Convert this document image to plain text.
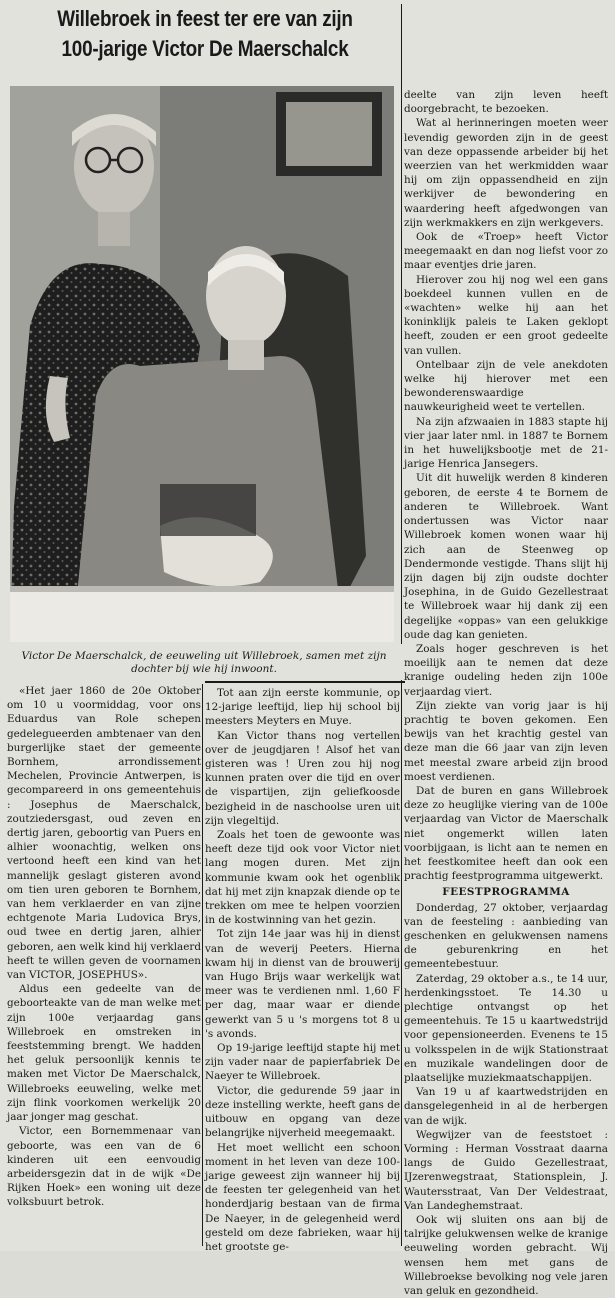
Willebroek in feest ter ere van zijn
100-jarige Victor De Maerschalck

Victor De Maerschalck, de eeuweling uit Willebroek, samen met zijn dochter bij wie hij inwoont.

«Het jaer 1860 de 20e Oktober om 10 u voormiddag, voor ons Eduardus van Role schepen gedelegueerden ambtenaer van den burgerlijke staet der gemeente Bornhem, arrondissement Mechelen, Provincie Antwerpen, is gecompareerd in ons gemeentehuis : Josephus de Maerschalck, zoutziedersgast, oud zeven en dertig jaren, geboortig van Puers en alhier woonachtig, welken ons vertoond heeft een kind van het mannelijk geslagt gisteren avond om tien uren geboren te Bornhem, van hem verklaerder en van zijne echtgenote Maria Ludovica Brys, oud twee en dertig jaren, alhier geboren, aen welk kind hij verklaerd heeft te willen geven de voornamen van VICTOR, JOSEPHUS».

Aldus een gedeelte van de geboorteakte van de man welke met zijn 100e verjaardag gans Willebroek en omstreken in feeststemming brengt. We hadden het geluk persoonlijk kennis te maken met Victor De Maerschalck, Willebroeks eeuweling, welke met zijn flink voorkomen werkelijk 20 jaar jonger mag geschat.

Victor, een Bornemmenaar van geboorte, was een van de 6 kinderen uit een eenvoudig arbeidersgezin dat in de wijk «De Rijken Hoek» een woning uit deze volksbuurt betrok.

Tot aan zijn eerste kommunie, op 12-jarige leeftijd, liep hij school bij meesters Meyters en Muye.

Kan Victor thans nog vertellen over de jeugdjaren ! Alsof het van gisteren was ! Uren zou hij nog kunnen praten over die tijd en over de vispartijen, zijn geliefkoosde bezigheid in de naschoolse uren uit zijn vlegeltijd.

Zoals het toen de gewoonte was heeft deze tijd ook voor Victor niet lang mogen duren. Met zijn kommunie kwam ook het ogenblik dat hij met zijn knapzak diende op te trekken om mee te helpen voorzien in de kostwinning van het gezin.

Tot zijn 14e jaar was hij in dienst van de weverij Peeters. Hierna kwam hij in dienst van de brouwerij van Hugo Brijs waar werkelijk wat meer was te verdienen nml. 1,60 F per dag, maar waar er diende gewerkt van 5 u 's morgens tot 8 u 's avonds.

Op 19-jarige leeftijd stapte hij met zijn vader naar de papierfabriek De Naeyer te Willebroek.

Victor, die gedurende 59 jaar in deze instelling werkte, heeft gans de uitbouw en opgang van deze belangrijke nijverheid meegemaakt.

Het moet wellicht een schoon moment in het leven van deze 100-jarige geweest zijn wanneer hij bij de feesten ter gelegenheid van het honderdjarig bestaan van de firma De Naeyer, in de gelegenheid werd gesteld om deze fabrieken, waar hij het grootste ge-

deelte van zijn leven heeft doorgebracht, te bezoeken.

Wat al herinneringen moeten weer levendig geworden zijn in de geest van deze oppassende arbeider bij het weerzien van het werkmidden waar hij om zijn oppassendheid en zijn werkijver de bewondering en waardering heeft afgedwongen van zijn werkmakkers en zijn werkgevers.

Ook de «Troep» heeft Victor meegemaakt en dan nog liefst voor zo maar eventjes drie jaren.

Hierover zou hij nog wel een gans boekdeel kunnen vullen en de «wachten» welke hij aan het koninklijk paleis te Laken geklopt heeft, zouden er een groot gedeelte van vullen.

Ontelbaar zijn de vele anekdoten welke hij hierover met een bewonderenswaardige nauwkeurigheid weet te vertellen.

Na zijn afzwaaien in 1883 stapte hij vier jaar later nml. in 1887 te Bornem in het huwelijksbootje met de 21-jarige Henrica Jansegers.

Uit dit huwelijk werden 8 kinderen geboren, de eerste 4 te Bornem de anderen te Willebroek. Want ondertussen was Victor naar Willebroek komen wonen waar hij zich aan de Steenweg op Dendermonde vestigde. Thans slijt hij zijn dagen bij zijn oudste dochter Josephina, in de Guido Gezellestraat te Willebroek waar hij dank zij een degelijke «oppas» van een gelukkige oude dag kan genieten.

Zoals hoger geschreven is het moeilijk aan te nemen dat deze kranige oudeling heden zijn 100e verjaardag viert.

Zijn ziekte van vorig jaar is hij prachtig te boven gekomen. Een bewijs van het krachtig gestel van deze man die 66 jaar van zijn leven met meestal zware arbeid zijn brood moest verdienen.

Dat de buren en gans Willebroek deze zo heuglijke viering van de 100e verjaardag van Victor de Maerschalk niet ongemerkt willen laten voorbijgaan, is licht aan te nemen en het feestkomitee heeft dan ook een prachtig feestprogramma uitgewerkt.

FEESTPROGRAMMA

Donderdag, 27 oktober, verjaardag van de feesteling : aanbieding van geschenken en gelukwensen namens de geburenkring en het gemeentebestuur.

Zaterdag, 29 oktober a.s., te 14 uur, herdenkingsstoet. Te 14.30 u plechtige ontvangst op het gemeentehuis. Te 15 u kaartwedstrijd voor gepensioneerden. Evenens te 15 u volksspelen in de wijk Stationstraat en muzikale wandelingen door de plaatselijke muziekmaatschappijen.

Van 19 u af kaartwedstrijden en dansgelegenheid in al de herbergen van de wijk.

Wegwijzer van de feeststoet : Vorming : Herman Vosstraat daarna langs de Guido Gezellestraat, IJzerenwegstraat, Stationsplein, J. Wautersstraat, Van Der Veldestraat, Van Landeghemstraat.

Ook wij sluiten ons aan bij de talrijke gelukwensen welke de kranige eeuweling worden gebracht. Wij wensen hem met gans de Willebroekse bevolking nog vele jaren van geluk en gezondheid.
